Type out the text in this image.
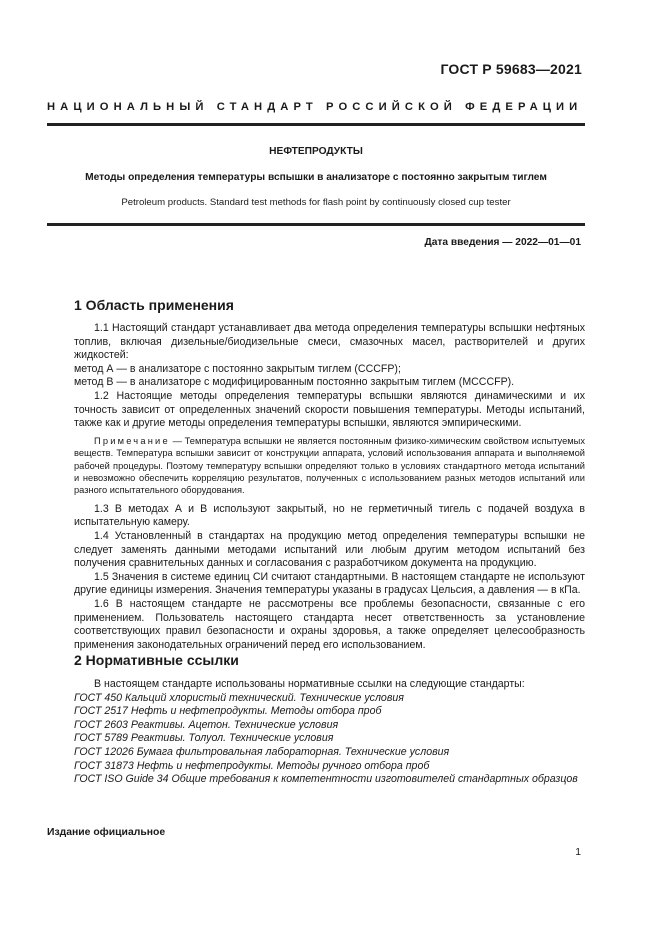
ГОСТ Р 59683—2021
НАЦИОНАЛЬНЫЙ СТАНДАРТ РОССИЙСКОЙ ФЕДЕРАЦИИ
НЕФТЕПРОДУКТЫ
Методы определения температуры вспышки в анализаторе с постоянно закрытым тиглем
Petroleum products. Standard test methods for flash point by continuously closed cup tester
Дата введения — 2022—01—01
1 Область применения

1.1 Настоящий стандарт устанавливает два метода определения температуры вспышки нефтяных топлив, включая дизельные/биодизельные смеси, смазочных масел, растворителей и других жидкостей:

метод А — в анализаторе с постоянно закрытым тиглем (CCCFP);

метод В — в анализаторе с модифицированным постоянно закрытым тиглем (MCCCFP).

1.2 Настоящие методы определения температуры вспышки являются динамическими и их точность зависит от определенных значений скорости повышения температуры. Методы испытаний, также как и другие методы определения температуры вспышки, являются эмпирическими.

Примечание — Температура вспышки не является постоянным физико-химическим свойством испытуемых веществ. Температура вспышки зависит от конструкции аппарата, условий использования аппарата и выполняемой рабочей процедуры. Поэтому температуру вспышки определяют только в условиях стандартного метода испытаний и невозможно обеспечить корреляцию результатов, полученных с использованием разных методов испытаний или разного испытательного оборудования.

1.3 В методах А и В используют закрытый, но не герметичный тигель с подачей воздуха в испытательную камеру.

1.4 Установленный в стандартах на продукцию метод определения температуры вспышки не следует заменять данными методами испытаний или любым другим методом испытаний без получения сравнительных данных и согласования с разработчиком документа на продукцию.

1.5 Значения в системе единиц СИ считают стандартными. В настоящем стандарте не используют другие единицы измерения. Значения температуры указаны в градусах Цельсия, а давления — в кПа.

1.6 В настоящем стандарте не рассмотрены все проблемы безопасности, связанные с его применением. Пользователь настоящего стандарта несет ответственность за установление соответствующих правил безопасности и охраны здоровья, а также определяет целесообразность применения законодательных ограничений перед его использованием.

2 Нормативные ссылки

В настоящем стандарте использованы нормативные ссылки на следующие стандарты:

ГОСТ 450 Кальций хлористый технический. Технические условия

ГОСТ 2517 Нефть и нефтепродукты. Методы отбора проб

ГОСТ 2603 Реактивы. Ацетон. Технические условия

ГОСТ 5789 Реактивы. Толуол. Технические условия

ГОСТ 12026 Бумага фильтровальная лабораторная. Технические условия

ГОСТ 31873 Нефть и нефтепродукты. Методы ручного отбора проб

ГОСТ ISO Guide 34 Общие требования к компетентности изготовителей стандартных образцов

Издание официальное
1
